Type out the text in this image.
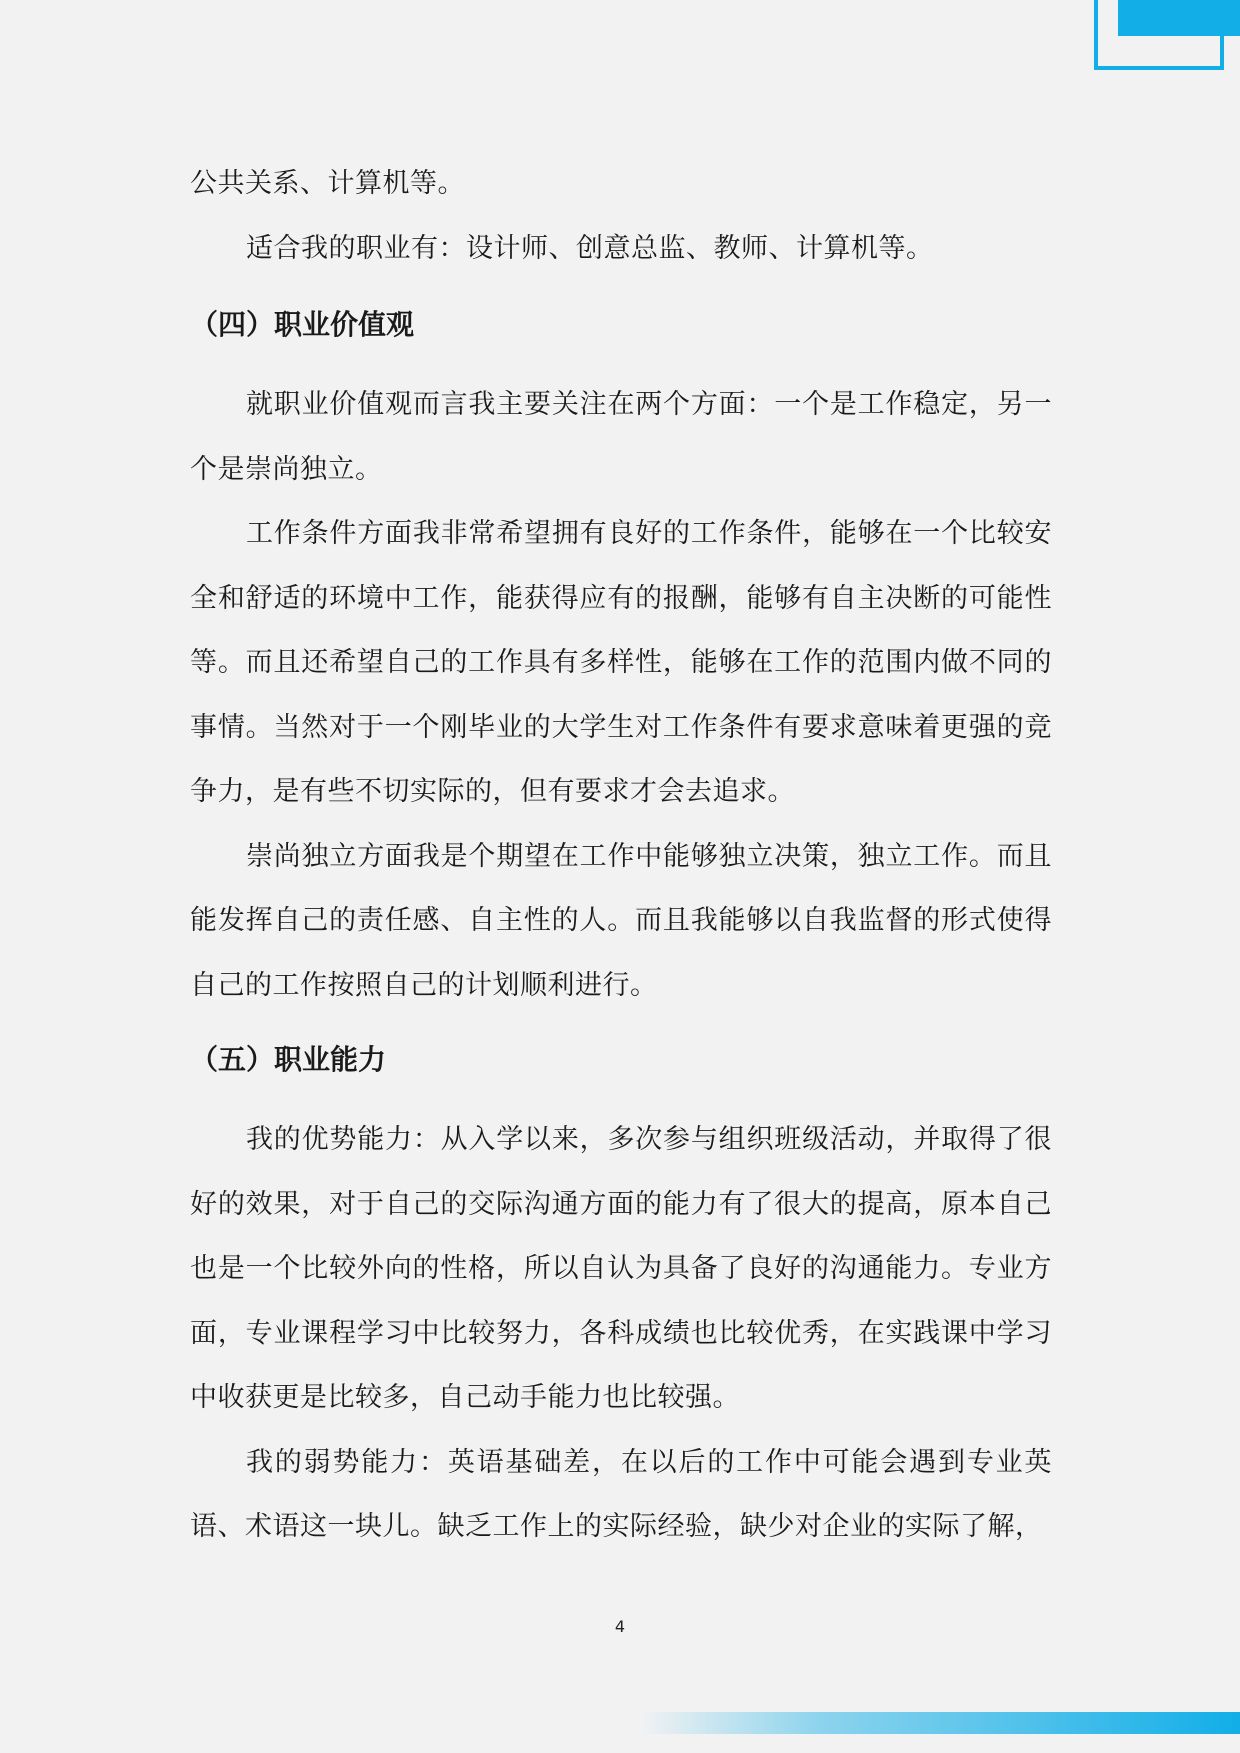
公共关系、计算机等。

适合我的职业有：设计师、创意总监、教师、计算机等。

（四）职业价值观

就职业价值观而言我主要关注在两个方面：一个是工作稳定，另一个是崇尚独立。

工作条件方面我非常希望拥有良好的工作条件，能够在一个比较安全和舒适的环境中工作，能获得应有的报酬，能够有自主决断的可能性等。而且还希望自己的工作具有多样性，能够在工作的范围内做不同的事情。当然对于一个刚毕业的大学生对工作条件有要求意味着更强的竞争力，是有些不切实际的，但有要求才会去追求。

崇尚独立方面我是个期望在工作中能够独立决策，独立工作。而且能发挥自己的责任感、自主性的人。而且我能够以自我监督的形式使得自己的工作按照自己的计划顺利进行。

（五）职业能力

我的优势能力：从入学以来，多次参与组织班级活动，并取得了很好的效果，对于自己的交际沟通方面的能力有了很大的提高，原本自己也是一个比较外向的性格，所以自认为具备了良好的沟通能力。专业方面，专业课程学习中比较努力，各科成绩也比较优秀，在实践课中学习中收获更是比较多，自己动手能力也比较强。

我的弱势能力：英语基础差，在以后的工作中可能会遇到专业英语、术语这一块儿。缺乏工作上的实际经验，缺少对企业的实际了解，

4
